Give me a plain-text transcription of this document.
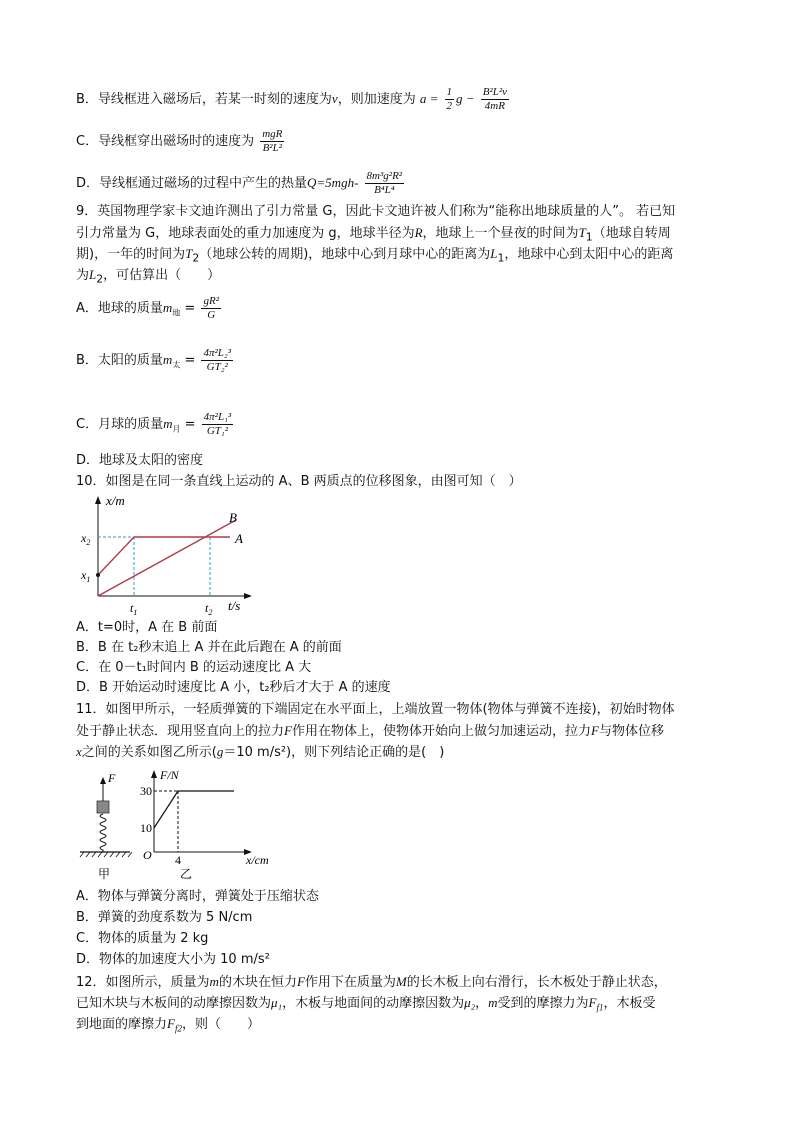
B．导线框进入磁场后，若某一时刻的速度为v，则加速度为 $a = \frac{1}{2}$ $g - \frac{\text{B²L²v}}{4mR}$
C．导线框穿出磁场时的速度为 $\frac{\text{mgR}}{\text{B²L²}}$
D．导线框通过磁场的过程中产生的热量$Q=5mgh- \frac{\text{8m³g²R²}}{\text{B⁴L⁴}}$
9．英国物理学家卡文迪许测出了引力常量 G，因此卡文迪许被人们称为“能称出地球质量的人”。 若已知
引力常量为 G，地球表面处的重力加速度为 g，地球半径为R，地球上一个昼夜的时间为$T_1$（地球自转周
期)，一年的时间为$T_2$（地球公转的周期)，地球中心到月球中心的距离为$L_1$，地球中心到太阳中心的距离
为$L_2$，可估算出（　　）
A．地球的质量$m_地 = \frac{\text{gR²}}{G}$
B．太阳的质量$m_太 = \frac{\text{4π²L₂³}}{\text{GT₂²}}$
C．月球的质量$m_月 = \frac{\text{4π²L₁³}}{\text{GT₁²}}$
D．地球及太阳的密度
10．如图是在同一条直线上运动的 A、B 两质点的位移图象，由图可知（　）
x/m
t/s
$x_2$
$x_1$
$t_1$	$t_2$
B
A
A．t=0时，A 在 B 前面
B．B 在 t₂秒末追上 A 并在此后跑在 A 的前面
C．在 0－t₁时间内 B 的运动速度比 A 大
D．B 开始运动时速度比 A 小，t₂秒后才大于 A 的速度
11．如图甲所示，一轻质弹簧的下端固定在水平面上，上端放置一物体(物体与弹簧不连接)，初始时物体
处于静止状态．现用竖直向上的拉力F作用在物体上，使物体开始向上做匀加速运动，拉力F与物体位移
x之间的关系如图乙所示(g＝10 m/s²)，则下列结论正确的是(　)
F
甲
F/N
30
10
O 4	x/cm
乙
A．物体与弹簧分离时，弹簧处于压缩状态
B．弹簧的劲度系数为 5 N/cm
C．物体的质量为 2 kg
D．物体的加速度大小为 10 m/s²
12．如图所示，质量为m的木块在恒力F作用下在质量为M的长木板上向右滑行，长木板处于静止状态，
已知木块与木板间的动摩擦因数为μ₁，木板与地面间的动摩擦因数为μ₂，m受到的摩擦力为$F_{f1}$，木板受
到地面的摩擦力$F_{f2}$，则（　　）
